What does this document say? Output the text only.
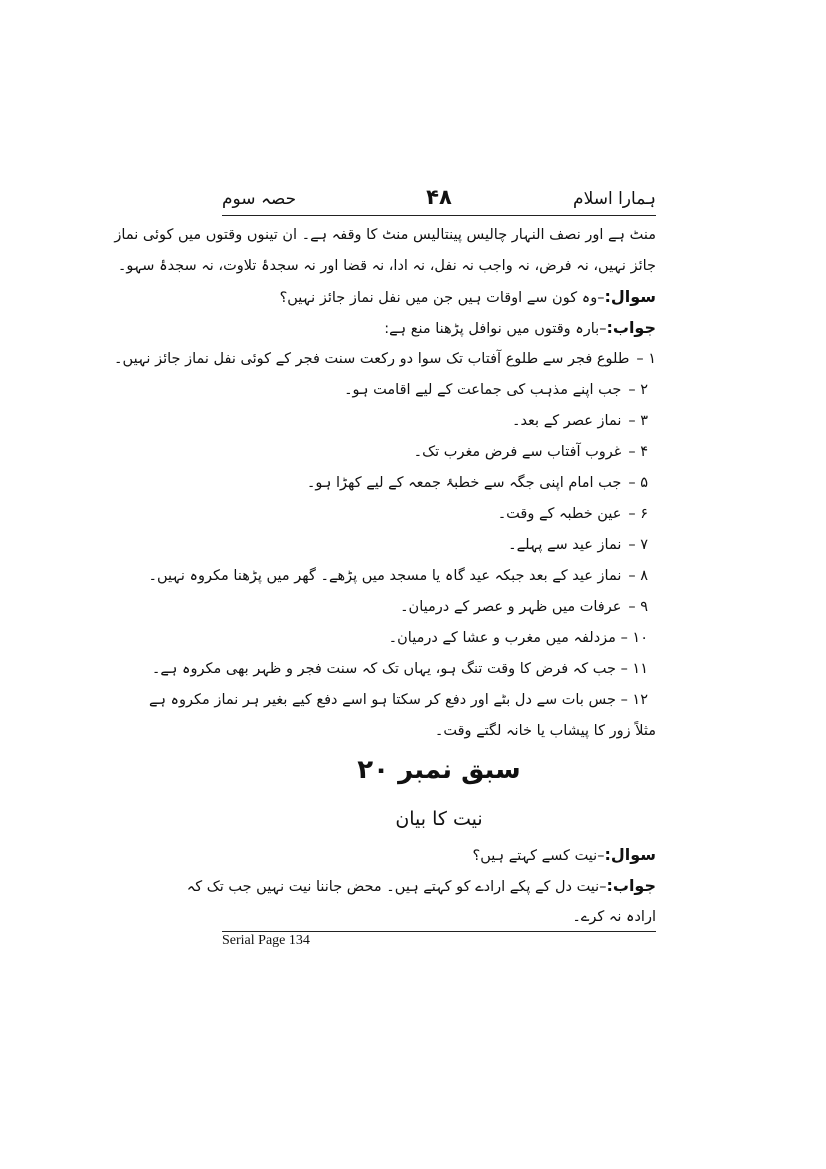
ہمارا اسلام
۴۸
حصہ سوم
منٹ ہے اور نصف النہار چالیس پینتالیس منٹ کا وقفہ ہے۔ ان تینوں وقتوں میں کوئی نماز
جائز نہیں، نہ فرض، نہ واجب نہ نفل، نہ ادا، نہ قضا اور نہ سجدۂ تلاوت، نہ سجدۂ سہو۔
سوال:–وہ کون سے اوقات ہیں جن میں نفل نماز جائز نہیں؟
جواب:–بارہ وقتوں میں نوافل پڑھنا منع ہے:
۱ – طلوع فجر سے طلوع آفتاب تک سوا دو رکعت سنت فجر کے کوئی نفل نماز جائز نہیں۔
۲ – جب اپنے مذہب کی جماعت کے لیے اقامت ہو۔
۳ – نماز عصر کے بعد۔
۴ – غروب آفتاب سے فرض مغرب تک۔
۵ – جب امام اپنی جگہ سے خطبۂ جمعہ کے لیے کھڑا ہو۔
۶ – عین خطبہ کے وقت۔
۷ – نماز عید سے پہلے۔
۸ – نماز عید کے بعد جبکہ عید گاہ یا مسجد میں پڑھے۔ گھر میں پڑھنا مکروہ نہیں۔
۹ – عرفات میں ظہر و عصر کے درمیان۔
۱۰ – مزدلفہ میں مغرب و عشا کے درمیان۔
۱۱ – جب کہ فرض کا وقت تنگ ہو، یہاں تک کہ سنت فجر و ظہر بھی مکروہ ہے۔
۱۲ – جس بات سے دل بٹے اور دفع کر سکتا ہو اسے دفع کیے بغیر ہر نماز مکروہ ہے
مثلاً زور کا پیشاب یا خانہ لگتے وقت۔
سوال:–نیت کسے کہتے ہیں؟
جواب:–نیت دل کے پکے ارادے کو کہتے ہیں۔ محض جاننا نیت نہیں جب تک کہ
ارادہ نہ کرے۔
سبق نمبر ۲۰
نیت کا بیان
Serial Page 134
